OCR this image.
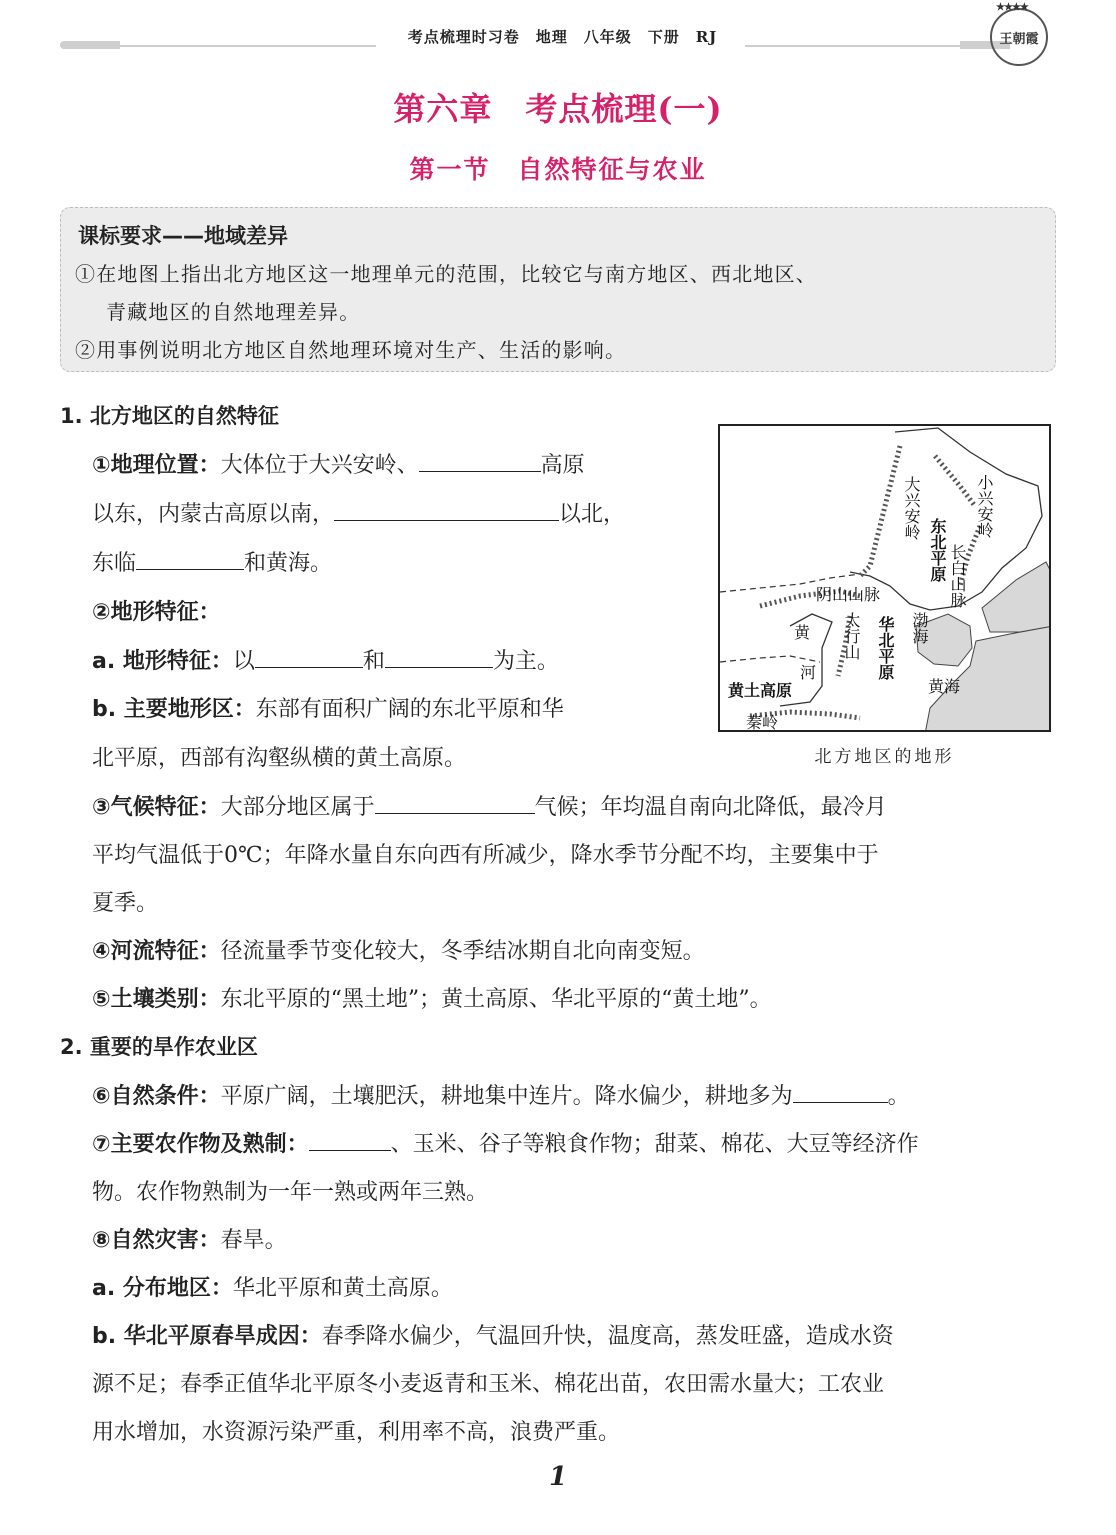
考点梳理时习卷　地理　八年级　下册　RJ
★★★★
王朝霞
第六章　考点梳理(一)
第一节　自然特征与农业
课标要求——地域差异
①在地图上指出北方地区这一地理单元的范围，比较它与南方地区、西北地区、
青藏地区的自然地理差异。
②用事例说明北方地区自然地理环境对生产、生活的影响。
1. 北方地区的自然特征
①地理位置：大体位于大兴安岭、	高原
以东，内蒙古高原以南，	以北，
东临	和黄海。
②地形特征：
a. 地形特征：以	和	为主。
b. 主要地形区：东部有面积广阔的东北平原和华
北平原，西部有沟壑纵横的黄土高原。
大兴安岭	小兴安岭
东北平原 长白山脉
阴山山脉
黄 太行山 华北平原 渤海
黄海
黄土高原
河
秦岭
北方地区的地形
③气候特征：大部分地区属于	气候；年均温自南向北降低，最冷月
平均气温低于0℃；年降水量自东向西有所减少，降水季节分配不均，主要集中于
夏季。
④河流特征：径流量季节变化较大，冬季结冰期自北向南变短。
⑤土壤类别：东北平原的“黑土地”；黄土高原、华北平原的“黄土地”。
2. 重要的旱作农业区
⑥自然条件：平原广阔，土壤肥沃，耕地集中连片。降水偏少，耕地多为	。
⑦主要农作物及熟制：	、玉米、谷子等粮食作物；甜菜、棉花、大豆等经济作
物。农作物熟制为一年一熟或两年三熟。
⑧自然灾害：春旱。
a. 分布地区：华北平原和黄土高原。
b. 华北平原春旱成因：春季降水偏少，气温回升快，温度高，蒸发旺盛，造成水资
源不足；春季正值华北平原冬小麦返青和玉米、棉花出苗，农田需水量大；工农业
用水增加，水资源污染严重，利用率不高，浪费严重。
1
